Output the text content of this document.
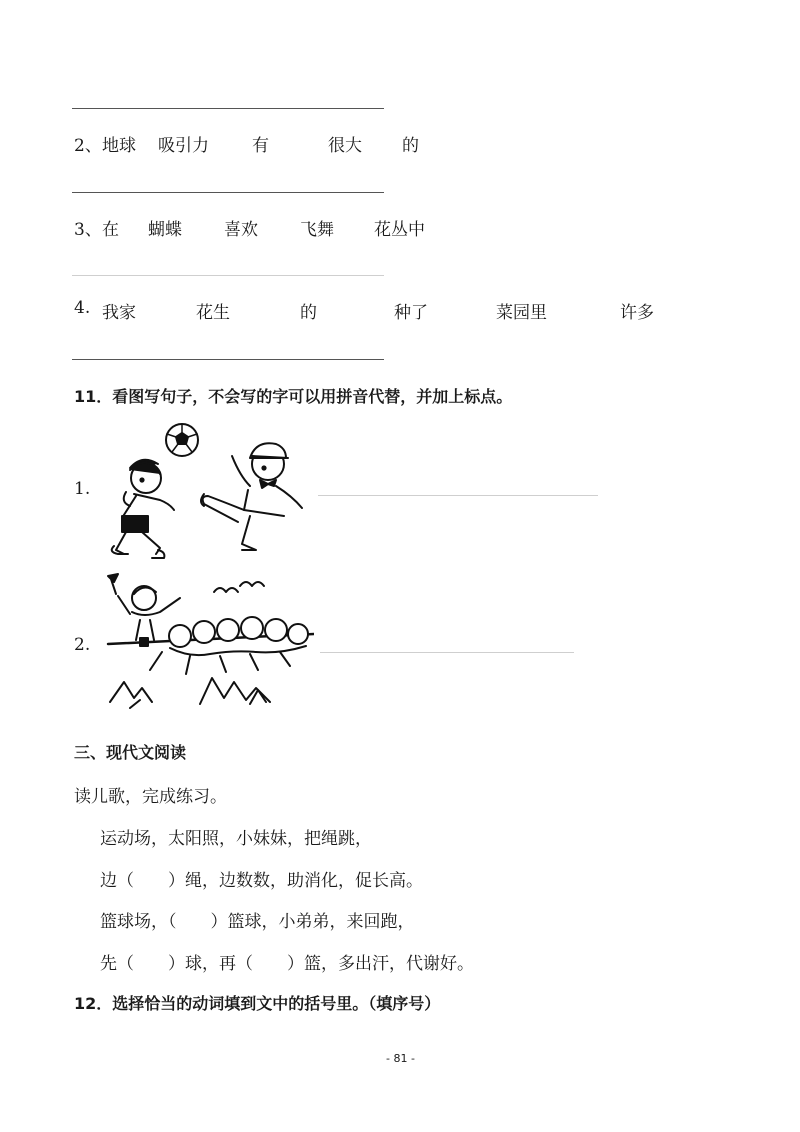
2、 地球 吸引力	有	很大 的
3、 在 蝴蝶 喜欢 飞舞 花丛中
4. 我家	花生	的	种了	菜园里	许多
11．看图写句子，不会写的字可以用拼音代替，并加上标点。
1.
2.
三、现代文阅读
读儿歌，完成练习。
运动场，太阳照，小妹妹，把绳跳，
边（　　）绳，边数数，助消化，促长高。
篮球场，（　　）篮球，小弟弟，来回跑，
先（　　）球，再（　　）篮，多出汗，代谢好。
12．选择恰当的动词填到文中的括号里。（填序号）
- 81 -
